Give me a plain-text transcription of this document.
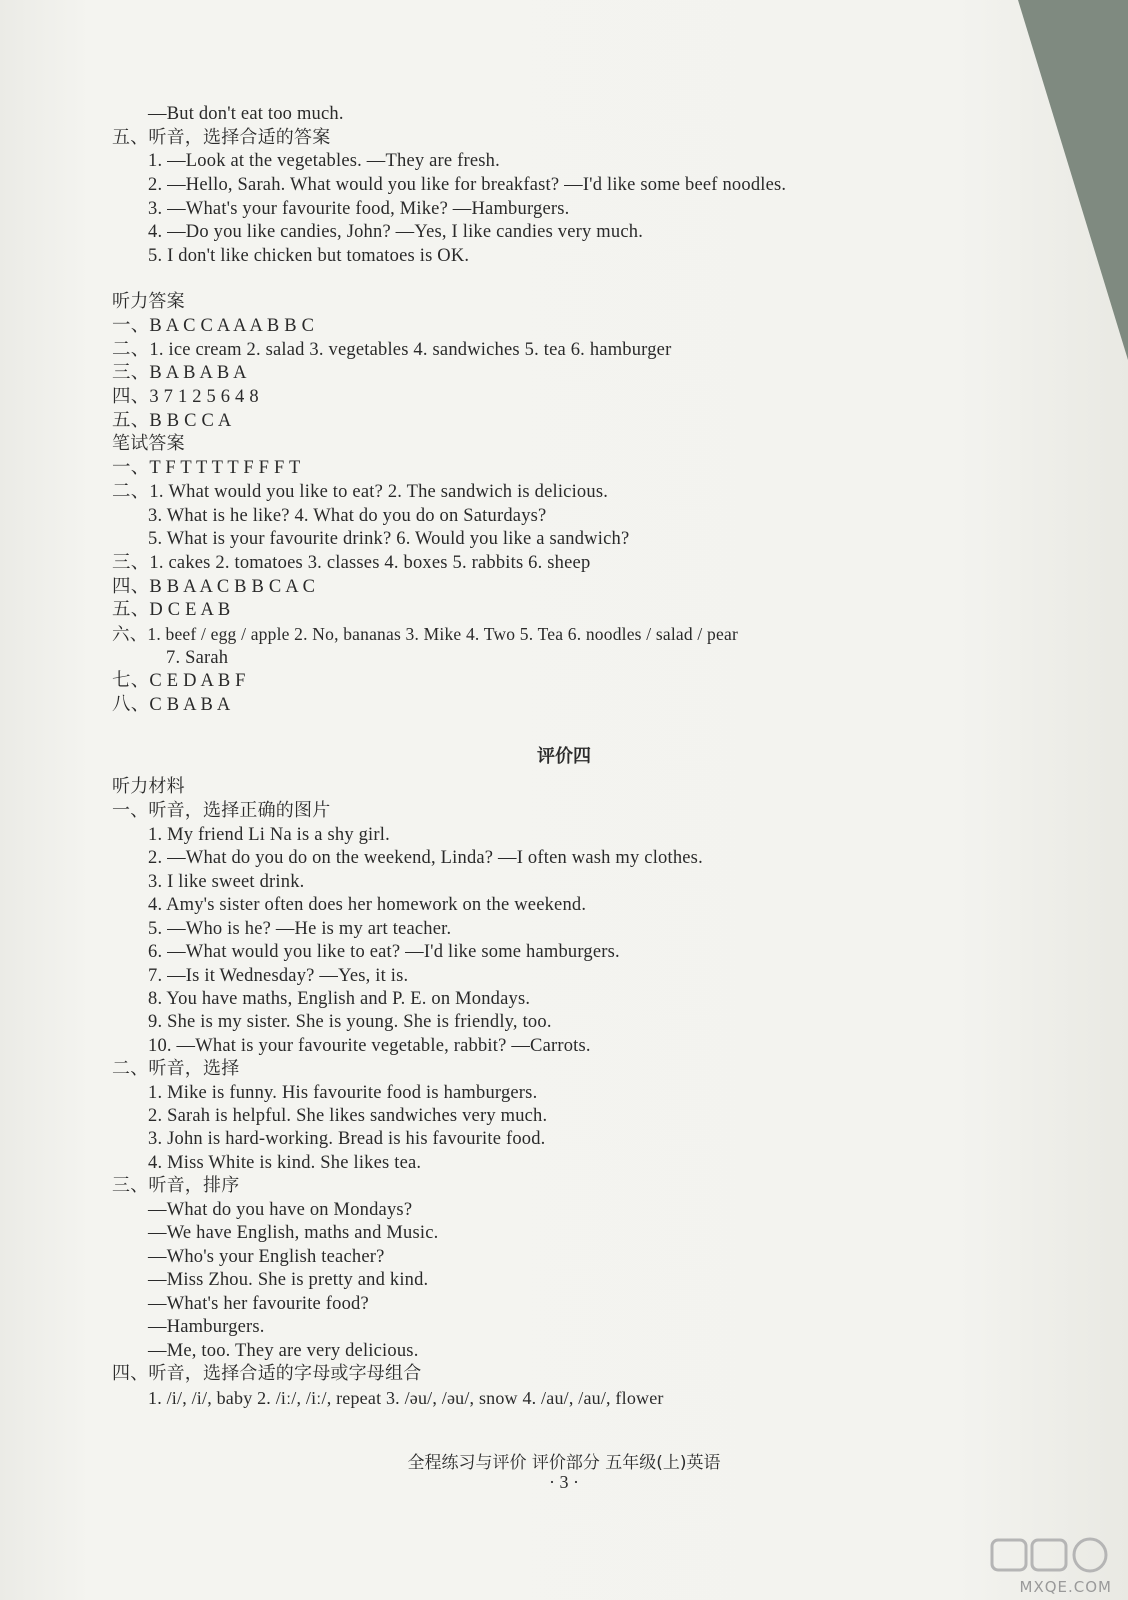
—But don't eat too much.
五、听音，选择合适的答案
1. —Look at the vegetables. —They are fresh.
2. —Hello, Sarah. What would you like for breakfast? —I'd like some beef noodles.
3. —What's your favourite food, Mike? —Hamburgers.
4. —Do you like candies, John? —Yes, I like candies very much.
5. I don't like chicken but tomatoes is OK.
听力答案
一、B A C C A A A B B C
二、1. ice cream 2. salad 3. vegetables 4. sandwiches 5. tea 6. hamburger
三、B A B A B A
四、3 7 1 2 5 6 4 8
五、B B C C A
笔试答案
一、T F T T T T F F F T
二、1. What would you like to eat? 2. The sandwich is delicious.
3. What is he like? 4. What do you do on Saturdays?
5. What is your favourite drink? 6. Would you like a sandwich?
三、1. cakes 2. tomatoes 3. classes 4. boxes 5. rabbits 6. sheep
四、B B A A C B B C A C
五、D C E A B
六、1. beef / egg / apple 2. No, bananas 3. Mike 4. Two 5. Tea 6. noodles / salad / pear
7. Sarah
七、C E D A B F
八、C B A B A
评价四
听力材料
一、听音，选择正确的图片
1. My friend Li Na is a shy girl.
2. —What do you do on the weekend, Linda? —I often wash my clothes.
3. I like sweet drink.
4. Amy's sister often does her homework on the weekend.
5. —Who is he? —He is my art teacher.
6. —What would you like to eat? —I'd like some hamburgers.
7. —Is it Wednesday? —Yes, it is.
8. You have maths, English and P. E. on Mondays.
9. She is my sister. She is young. She is friendly, too.
10. —What is your favourite vegetable, rabbit? —Carrots.
二、听音，选择
1. Mike is funny. His favourite food is hamburgers.
2. Sarah is helpful. She likes sandwiches very much.
3. John is hard-working. Bread is his favourite food.
4. Miss White is kind. She likes tea.
三、听音，排序
—What do you have on Mondays?
—We have English, maths and Music.
—Who's your English teacher?
—Miss Zhou. She is pretty and kind.
—What's her favourite food?
—Hamburgers.
—Me, too. They are very delicious.
四、听音，选择合适的字母或字母组合
1. /i/, /i/, baby 2. /iː/, /iː/, repeat 3. /əu/, /əu/, snow 4. /au/, /au/, flower
全程练习与评价 评价部分 五年级(上)英语
· 3 ·
MXQE.COM
